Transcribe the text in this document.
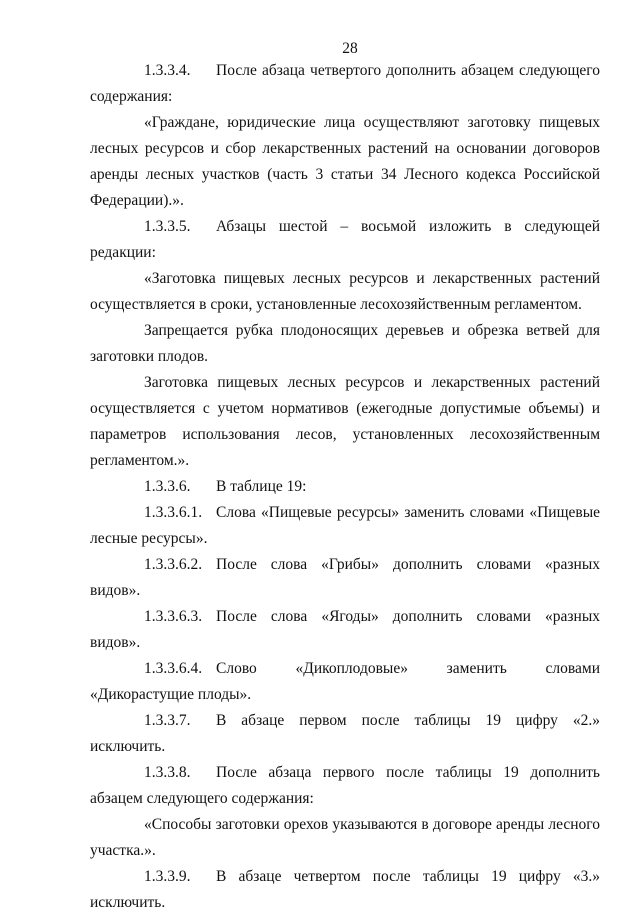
28

1.3.3.4. После абзаца четвертого дополнить абзацем следующего содержания:

«Граждане, юридические лица осуществляют заготовку пищевых лесных ресурсов и сбор лекарственных растений на основании договоров аренды лесных участков (часть 3 статьи 34 Лесного кодекса Российской Федерации).».

1.3.3.5. Абзацы шестой – восьмой изложить в следующей редакции:

«Заготовка пищевых лесных ресурсов и лекарственных растений осуществляется в сроки, установленные лесохозяйственным регламентом.

Запрещается рубка плодоносящих деревьев и обрезка ветвей для заготовки плодов.

Заготовка пищевых лесных ресурсов и лекарственных растений осуществляется с учетом нормативов (ежегодные допустимые объемы) и параметров использования лесов, установленных лесохозяйственным регламентом.».

1.3.3.6. В таблице 19:

1.3.3.6.1. Слова «Пищевые ресурсы» заменить словами «Пищевые лесные ресурсы».

1.3.3.6.2. После слова «Грибы» дополнить словами «разных видов».

1.3.3.6.3. После слова «Ягоды» дополнить словами «разных видов».

1.3.3.6.4. Слово «Дикоплодовые» заменить словами «Дикорастущие плоды».

1.3.3.7. В абзаце первом после таблицы 19 цифру «2.» исключить.

1.3.3.8. После абзаца первого после таблицы 19 дополнить абзацем следующего содержания:

«Способы заготовки орехов указываются в договоре аренды лесного участка.».

1.3.3.9. В абзаце четвертом после таблицы 19 цифру «3.» исключить.
